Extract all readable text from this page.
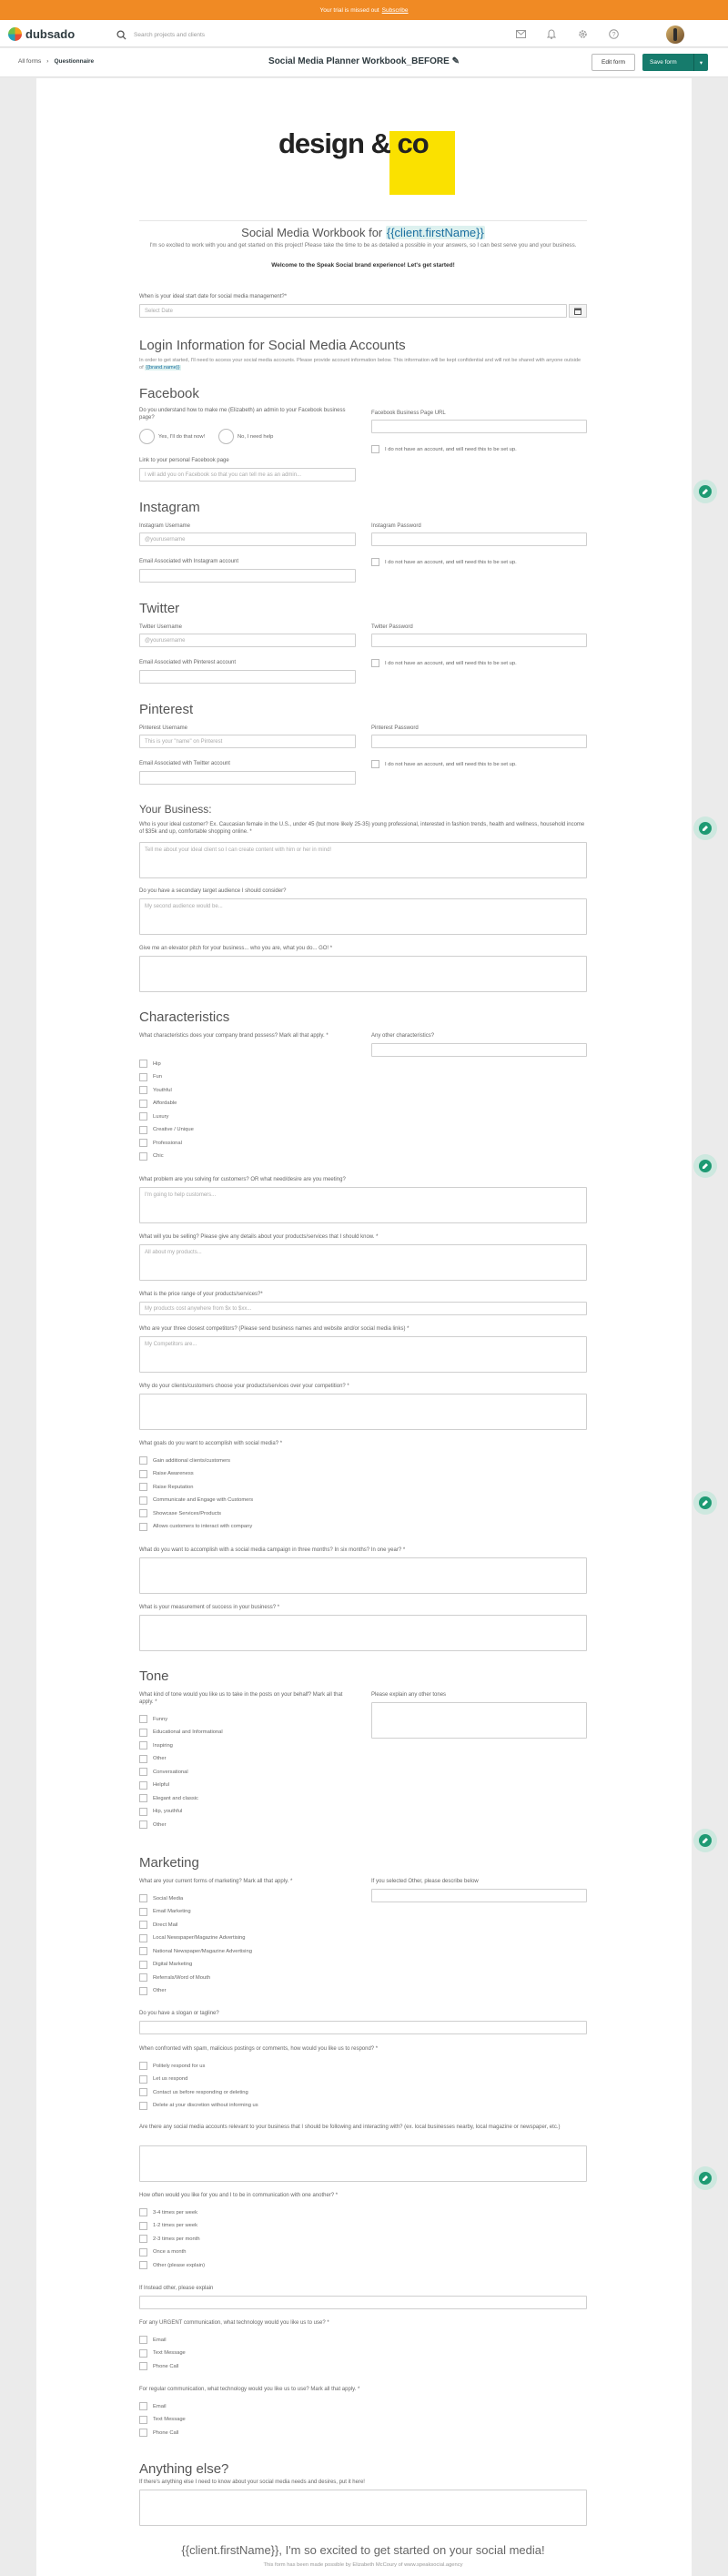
Your trial is missed out Subscribe
dubsado	Search projects and clients	?
All forms › Questionnaire	Social Media Planner Workbook_BEFORE ✎	Edit form	Save form	▾
design & co
Social Media Workbook for {{client.firstName}}
I'm so excited to work with you and get started on this project! Please take the time to be as detailed a possible in your answers, so I can best serve you and your business.
Welcome to the Speak Social brand experience! Let's get started!
When is your ideal start date for social media management?*
Select Date
Login Information for Social Media Accounts
In order to get started, I'll need to access your social media accounts. Please provide account information below. This information will be kept confidential and will not be shared with anyone outside of {{brand.name}}
Facebook
Do you understand how to make me (Elizabeth) an admin to your Facebook business page?
Yes, I'll do that now!	No, I need help
Facebook Business Page URL
I do not have an account, and will need this to be set up.
Link to your personal Facebook page
I will add you on Facebook so that you can tell me as an admin...
Instagram
Instagram Username
@yourusername
Instagram Password
I do not have an account, and will need this to be set up.
Email Associated with Instagram account
Twitter
Twitter Username
@yourusername
Twitter Password
I do not have an account, and will need this to be set up.
Email Associated with Pinterest account
Pinterest
Pinterest Username
This is your "name" on Pinterest
Pinterest Password
I do not have an account, and will need this to be set up.
Email Associated with Twitter account
Your Business:
Who is your ideal customer? Ex. Caucasian female in the U.S., under 45 (but more likely 25-35) young professional, interested in fashion trends, health and wellness, household income of $35k and up, comfortable shopping online. *
Tell me about your ideal client so I can create content with him or her in mind!
Do you have a secondary target audience I should consider?
My second audience would be...
Give me an elevator pitch for your business... who you are, what you do... GO! *
Characteristics
What characteristics does your company brand possess? Mark all that apply. *	Any other characteristics?
Hip
Fun
Youthful
Affordable
Luxury
Creative / Unique
Professional
Chic
What problem are you solving for customers? OR what need/desire are you meeting?
I'm going to help customers...
What will you be selling? Please give any details about your products/services that I should know. *
All about my products...
What is the price range of your products/services?*
My products cost anywhere from $x to $xx...
Who are your three closest competitors? (Please send business names and website and/or social media links) *
My Competitors are...
Why do your clients/customers choose your products/services over your competition? *
What goals do you want to accomplish with social media? *
Gain additional clients/customers
Raise Awareness
Raise Reputation
Communicate and Engage with Customers
Showcase Services/Products
Allows customers to interact with company
What do you want to accomplish with a social media campaign in three months? In six months? In one year? *
What is your measurement of success in your business? *
Tone
What kind of tone would you like us to take in the posts on your behalf? Mark all that apply. *
Please explain any other tones
Funny
Educational and Informational
Inspiring
Other
Conversational
Helpful
Elegant and classic
Hip, youthful
Other
Marketing
What are your current forms of marketing? Mark all that apply. *	If you selected Other, please describe below
Social Media
Email Marketing
Direct Mail
Local Newspaper/Magazine Advertising
National Newspaper/Magazine Advertising
Digital Marketing
Referrals/Word of Mouth
Other
Do you have a slogan or tagline?
When confronted with spam, malicious postings or comments, how would you like us to respond? *
Politely respond for us
Let us respond
Contact us before responding or deleting
Delete at your discretion without informing us
Are there any social media accounts relevant to your business that I should be following and interacting with? (ex. local businesses nearby, local magazine or newspaper, etc.)
How often would you like for you and I to be in communication with one another? *
3-4 times per week
1-2 times per week
2-3 times per month
Once a month
Other (please explain)
If Instead other, please explain
For any URGENT communication, what technology would you like us to use? *
Email
Text Message
Phone Call
For regular communication, what technology would you like us to use? Mark all that apply. *
Email
Text Message
Phone Call
Anything else?
If there's anything else I need to know about your social media needs and desires, put it here!
{{client.firstName}}, I'm so excited to get started on your social media!
This form has been made possible by Elizabeth McCoury of www.speaksocial.agency
